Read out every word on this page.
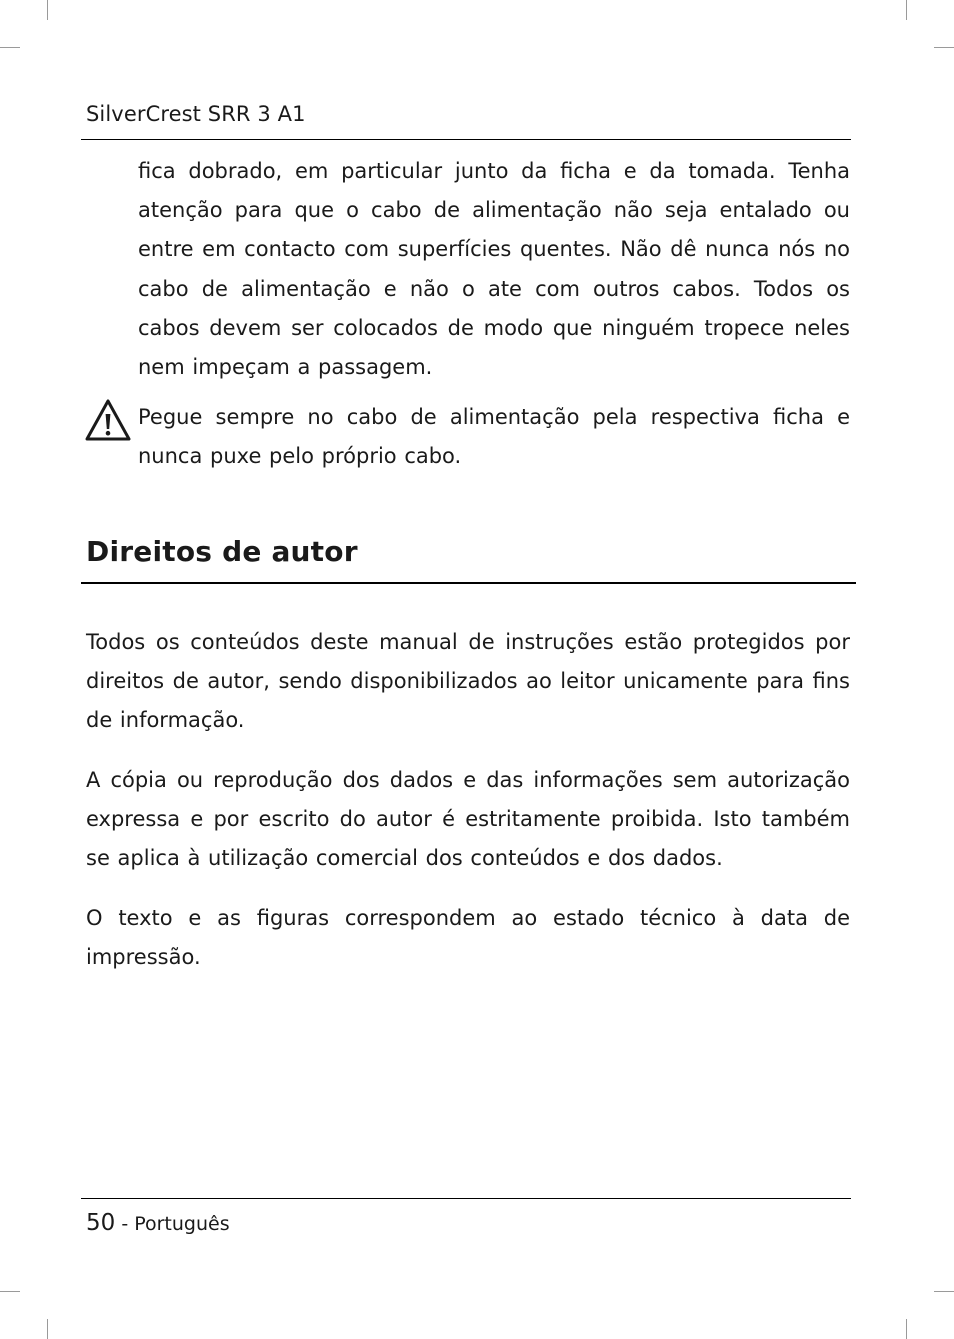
SilverCrest SRR 3 A1

fica dobrado, em particular junto da ficha e da tomada. Tenha atenção para que o cabo de alimentação não seja entalado ou entre em contacto com superfícies quentes. Não dê nunca nós no cabo de alimentação e não o ate com outros cabos. Todos os cabos devem ser colocados de modo que ninguém tropece neles nem impeçam a passagem.

Pegue sempre no cabo de alimentação pela respectiva ficha e nunca puxe pelo próprio cabo.

Direitos de autor

Todos os conteúdos deste manual de instruções estão protegidos por direitos de autor, sendo disponibilizados ao leitor unicamente para fins de informação.

A cópia ou reprodução dos dados e das informações sem autorização expressa e por escrito do autor é estritamente proibida. Isto também se aplica à utilização comercial dos conteúdos e dos dados.

O texto e as figuras correspondem ao estado técnico à data de impressão.

50 - Português
